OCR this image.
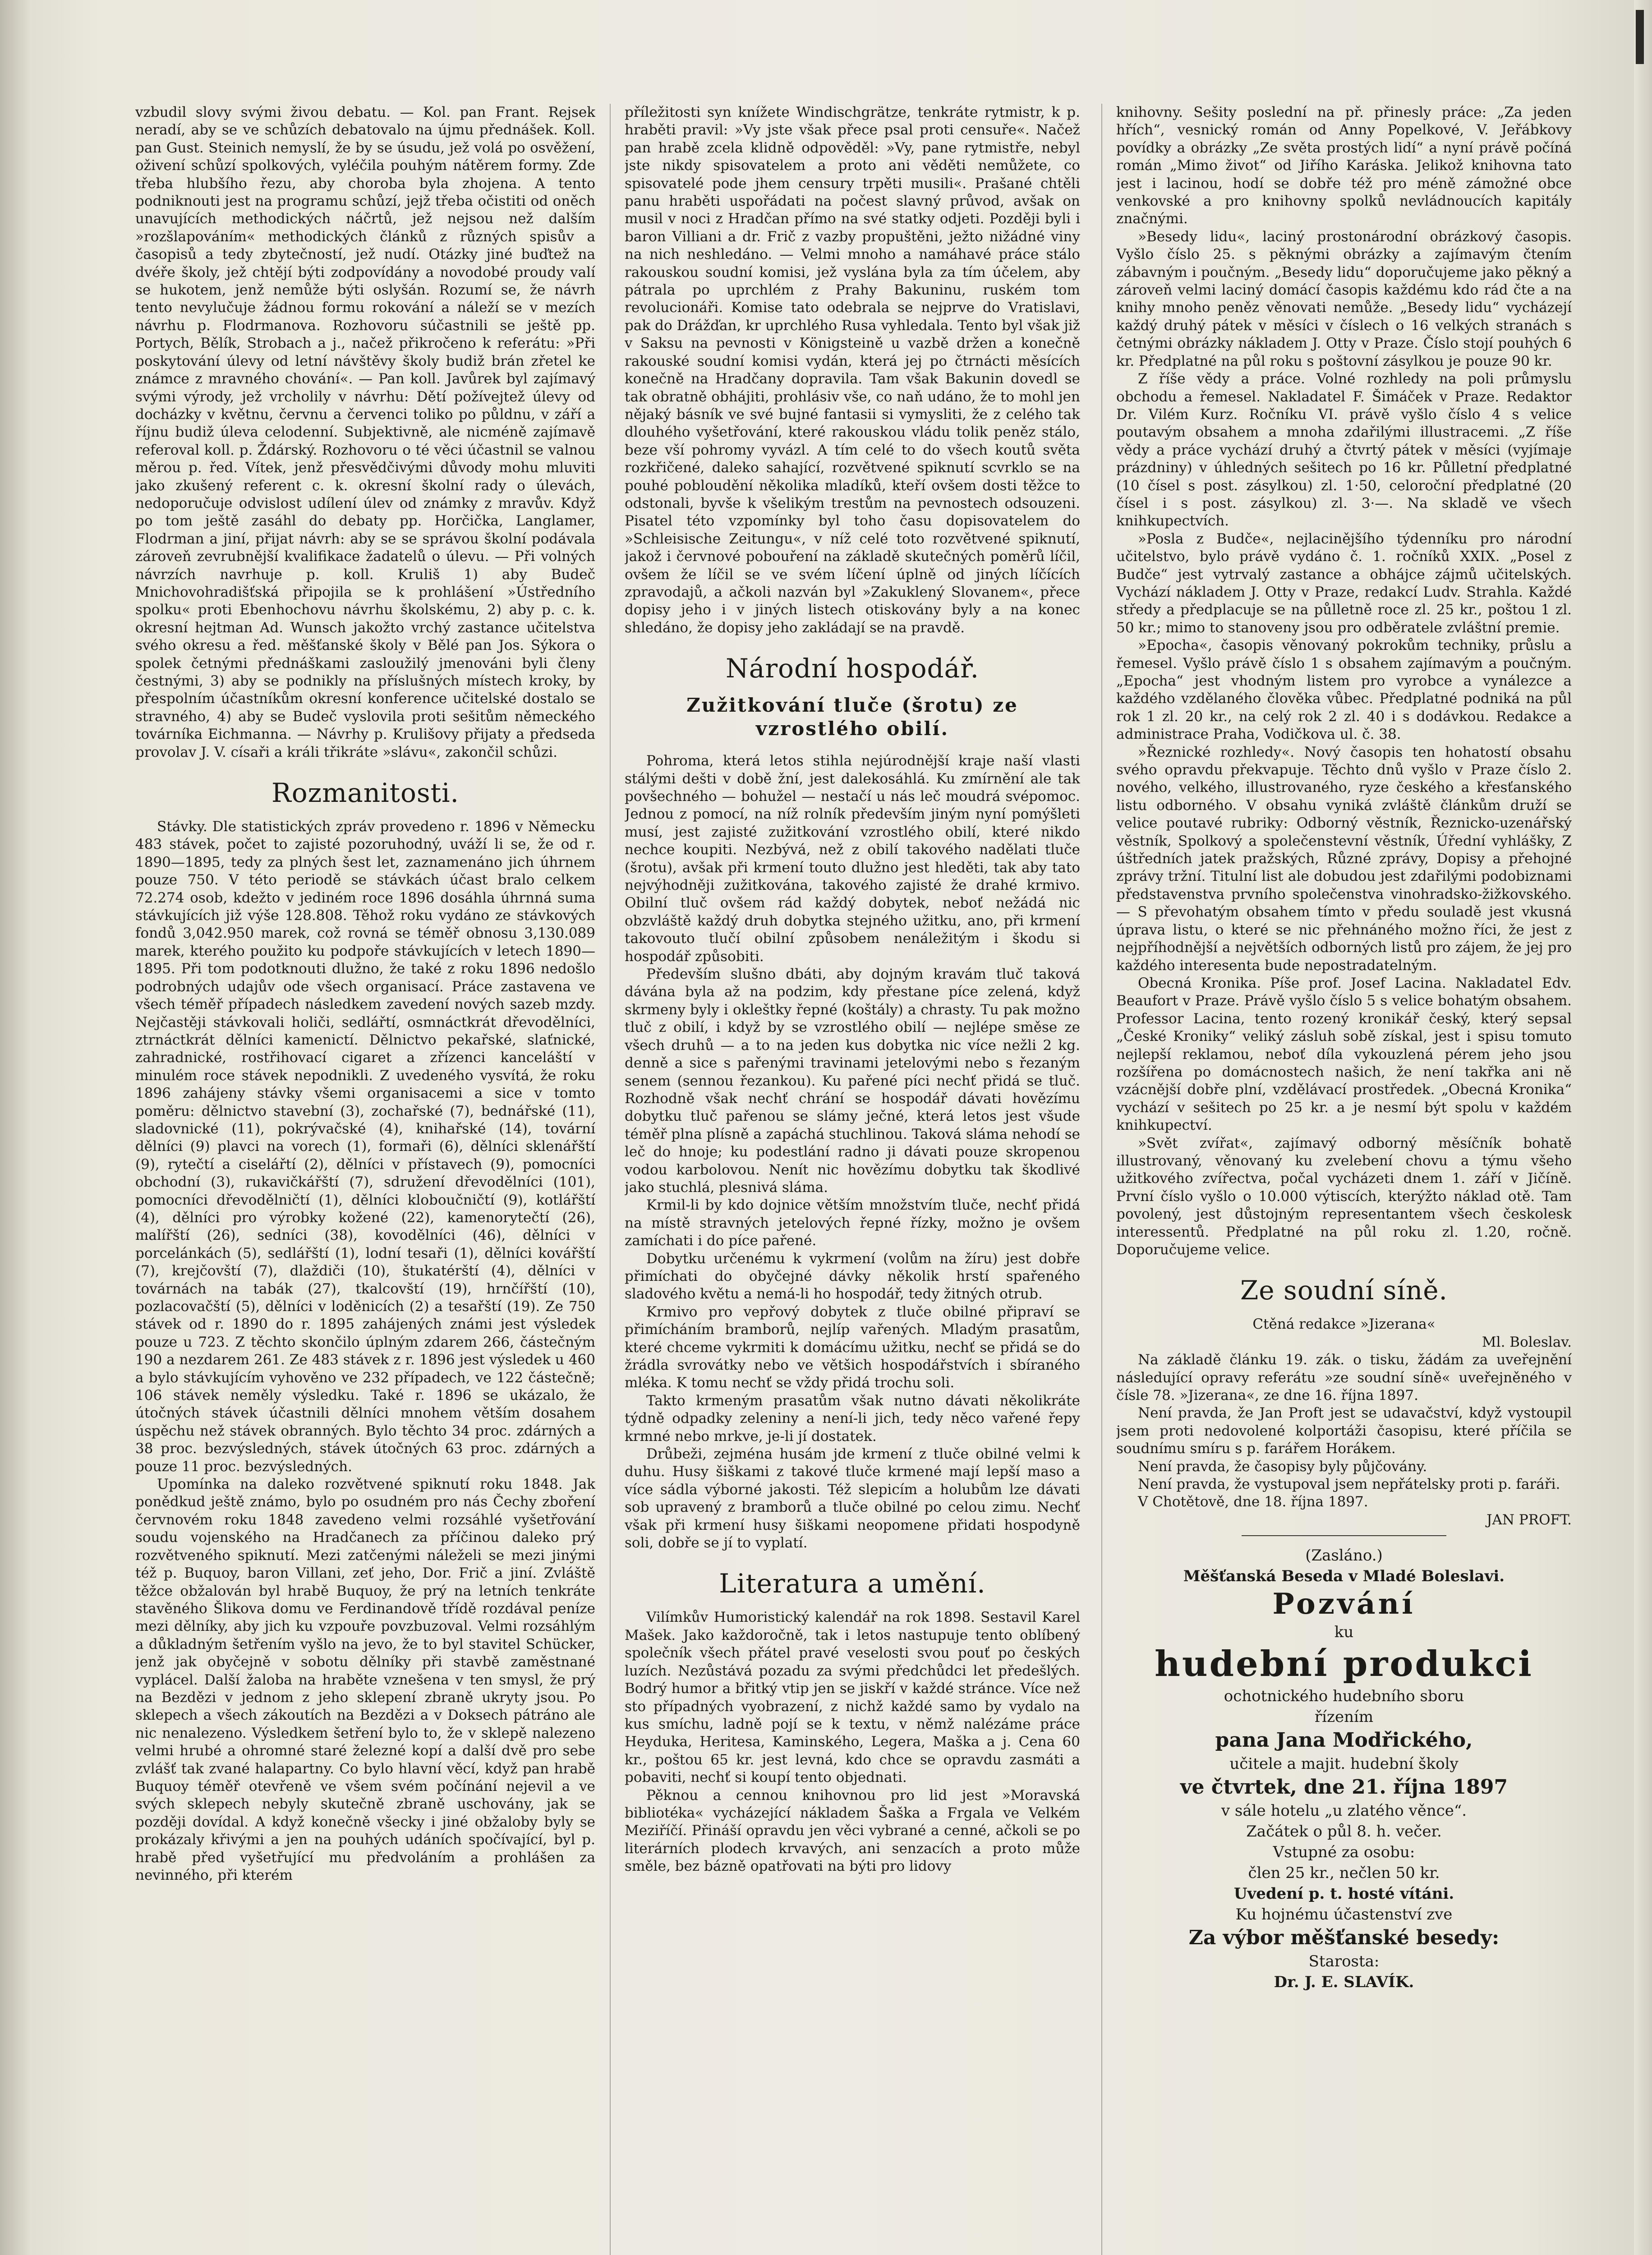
vzbudil slovy svými živou debatu. — Kol. pan Frant. Rejsek neradí, aby se ve schůzích debatovalo na újmu přednášek. Koll. pan Gust. Steinich nemyslí, že by se úsudu, jež volá po osvěžení, oživení schůzí spolkových, vyléčila pouhým nátěrem formy. Zde třeba hlubšího řezu, aby choroba byla zhojena. A tento podniknouti jest na programu schůzí, jejž třeba očistiti od oněch unavujících methodických náčrtů, jež nejsou než dalším »rozšlapováním« methodických článků z různých spisův a časopisů a tedy zbytečností, jež nudí. Otázky jiné buďtež na dvéře školy, jež chtějí býti zodpovídány a novodobé proudy valí se hukotem, jenž nemůže býti oslyšán. Rozumí se, že návrh tento nevylučuje žádnou formu rokování a náleží se v mezích návrhu p. Flodrmanova. Rozhovoru súčastnili se ještě pp. Portych, Bělík, Strobach a j., načež přikročeno k referátu: »Při poskytování úlevy od letní návštěvy školy budiž brán zřetel ke známce z mravného chování«. — Pan koll. Javůrek byl zajímavý svými výrody, jež vrcholily v návrhu: Dětí požívejtež úlevy od docházky v květnu, červnu a červenci toliko po půldnu, v září a říjnu budiž úleva celodenní. Subjektivně, ale nicméně zajímavě referoval koll. p. Ždárský. Rozhovoru o té věci účastnil se valnou měrou p. řed. Vítek, jenž přesvědčivými důvody mohu mluviti jako zkušený referent c. k. okresní školní rady o úlevách, nedoporučuje odvislost udílení úlev od známky z mravův. Když po tom ještě zasáhl do debaty pp. Horčička, Langlamer, Flodrman a jiní, přijat návrh: aby se se správou školní podávala zároveň zevrubnější kvalifikace žadatelů o úlevu. — Při volných návrzích navrhuje p. koll. Kruliš 1) aby Budeč Mnichovohradišťská připojila se k prohlášení »Ústředního spolku« proti Ebenhochovu návrhu školskému, 2) aby p. c. k. okresní hejtman Ad. Wunsch jakožto vrchý zastance učitelstva svého okresu a řed. měšťanské školy v Bělé pan Jos. Sýkora o spolek četnými přednáškami zasloužilý jmenováni byli členy čestnými, 3) aby se podnikly na příslušných místech kroky, by přespolním účastníkům okresní konference učitelské dostalo se stravného, 4) aby se Budeč vyslovila proti sešitům německého továrníka Eichmanna. — Návrhy p. Krulišovy přijaty a předseda provolav J. V. císaři a králi třikráte »slávu«, zakončil schůzi.

Rozmanitosti.

Stávky. Dle statistických zpráv provedeno r. 1896 v Německu 483 stávek, počet to zajisté pozoruhodný, uváží li se, že od r. 1890—1895, tedy za plných šest let, zaznamenáno jich úhrnem pouze 750. V této periodě se stávkách účast bralo celkem 72.274 osob, kdežto v jediném roce 1896 dosáhla úhrnná suma stávkujících již výše 128.808. Těhož roku vydáno ze stávkových fondů 3,042.950 marek, což rovná se téměř obnosu 3,130.089 marek, kterého použito ku podpoře stávkujících v letech 1890—1895. Při tom podotknouti dlužno, že také z roku 1896 nedošlo podrobných udajův ode všech organisací. Práce zastavena ve všech téměř případech následkem zavedení nových sazeb mzdy. Nejčastěji stávkovali holiči, sedlářtí, osmnáctkrát dřevodělníci, ztrnáctkrát dělníci kamenictí. Dělnictvo pekařské, slaťnické, zahradnické, rostřihovací cigaret a zřízenci kanceláští v minulém roce stávek nepodnikli. Z uvedeného vysvítá, že roku 1896 zahájeny stávky všemi organisacemi a sice v tomto poměru: dělnictvo stavební (3), zochařské (7), bednářské (11), sladovnické (11), pokrývačské (4), knihařské (14), tovární dělníci (9) plavci na vorech (1), formaři (6), dělníci sklenářští (9), rytečtí a ciselářtí (2), dělníci v přístavech (9), pomocníci obchodní (3), rukavičkářští (7), sdružení dřevodělníci (101), pomocníci dřevodělničtí (1), dělníci kloboučničtí (9), kotlářští (4), dělníci pro výrobky kožené (22), kamenorytečtí (26), malířští (26), sedníci (38), kovodělníci (46), dělníci v porcelánkách (5), sedlářští (1), lodní tesaři (1), dělníci kovářští (7), krejčovští (7), dlaždiči (10), štukatérští (4), dělníci v továrnách na tabák (27), tkalcovští (19), hrnčířští (10), pozlacovačští (5), dělníci v loděnicích (2) a tesařští (19). Ze 750 stávek od r. 1890 do r. 1895 zahájených známi jest výsledek pouze u 723. Z těchto skončilo úplným zdarem 266, částečným 190 a nezdarem 261. Ze 483 stávek z r. 1896 jest výsledek u 460 a bylo stávkujícím vyhověno ve 232 případech, ve 122 částečně; 106 stávek neměly výsledku. Také r. 1896 se ukázalo, že útočných stávek účastnili dělníci mnohem větším dosahem úspěchu než stávek obranných. Bylo těchto 34 proc. zdárných a 38 proc. bezvýsledných, stávek útočných 63 proc. zdárných a pouze 11 proc. bezvýsledných.

Upomínka na daleko rozvětvené spiknutí roku 1848. Jak ponědkud ještě známo, bylo po osudném pro nás Čechy zboření červnovém roku 1848 zavedeno velmi rozsáhlé vyšetřování soudu vojenského na Hradčanech za příčinou daleko prý rozvětveného spiknutí. Mezi zatčenými náleželi se mezi jinými též p. Buquoy, baron Villani, zeť jeho, Dor. Frič a jiní. Zvláště těžce obžalován byl hrabě Buquoy, že prý na letních tenkráte stavěného Šlikova domu ve Ferdinandově třídě rozdával peníze mezi dělníky, aby jich ku vzpouře povzbuzoval. Velmi rozsáhlým a důkladným šetřením vyšlo na jevo, že to byl stavitel Schücker, jenž jak obyčejně v sobotu dělníky při stavbě zaměstnané vyplácel. Další žaloba na hraběte vznešena v ten smysl, že prý na Bezdězi v jednom z jeho sklepení zbraně ukryty jsou. Po sklepech a všech zákoutích na Bezdězi a v Doksech pátráno ale nic nenalezeno. Výsledkem šetření bylo to, že v sklepě nalezeno velmi hrubé a ohromné staré železné kopí a další dvě pro sebe zvlášť tak zvané halapartny. Co bylo hlavní věcí, když pan hrabě Buquoy téměř otevřeně ve všem svém počínání nejevil a ve svých sklepech nebyly skutečně zbraně uschovány, jak se později dovídal. A když konečně všecky i jiné obžaloby byly se prokázaly křivými a jen na pouhých udáních spočívající, byl p. hrabě před vyšetřující mu předvoláním a prohlášen za nevinného, při kterém

příležitosti syn knížete Windischgrätze, tenkráte rytmistr, k p. hraběti pravil: »Vy jste však přece psal proti censuře«. Načež pan hrabě zcela klidně odpověděl: »Vy, pane rytmistře, nebyl jste nikdy spisovatelem a proto ani věděti nemůžete, co spisovatelé pode jhem censury trpěti musili«. Prašané chtěli panu hraběti uspořádati na počest slavný průvod, avšak on musil v noci z Hradčan přímo na své statky odjeti. Později byli i baron Villiani a dr. Frič z vazby propuštěni, ježto nižádné viny na nich neshledáno. — Velmi mnoho a namáhavé práce stálo rakouskou soudní komisi, jež vyslána byla za tím účelem, aby pátrala po uprchlém z Prahy Bakuninu, ruském tom revolucionáři. Komise tato odebrala se nejprve do Vratislavi, pak do Drážďan, kr uprchlého Rusa vyhledala. Tento byl však již v Saksu na pevnosti v Königsteině u vazbě držen a konečně rakouské soudní komisi vydán, která jej po čtrnácti měsících konečně na Hradčany dopravila. Tam však Bakunin dovedl se tak obratně obhájiti, prohlásiv vše, co naň udáno, že to mohl jen nějaký básník ve své bujné fantasii si vymysliti, že z celého tak dlouhého vyšetřování, které rakouskou vládu tolik peněz stálo, beze vší pohromy vyvázl. A tím celé to do všech koutů světa rozkřičené, daleko sahající, rozvětvené spiknutí scvrklo se na pouhé pobloudění několika mladíků, kteří ovšem dosti těžce to odstonali, byvše k všelikým trestům na pevnostech odsouzeni. Pisatel této vzpomínky byl toho času dopisovatelem do »Schleisische Zeitungu«, v níž celé toto rozvětvené spiknutí, jakož i červnové pobouření na základě skutečných poměrů líčil, ovšem že líčil se ve svém líčení úplně od jiných líčících zpravodajů, a ačkoli nazván byl »Zakuklený Slovanem«, přece dopisy jeho i v jiných listech otiskovány byly a na konec shledáno, že dopisy jeho zakládají se na pravdě.

Národní hospodář.
Zužitkování tluče (šrotu) ze vzrostlého obilí.

Pohroma, která letos stihla nejúrodnější kraje naší vlasti stálými dešti v době žní, jest dalekosáhlá. Ku zmírnění ale tak povšechného — bohužel — nestačí u nás leč moudrá svépomoc. Jednou z pomocí, na níž rolník především jiným nyní pomýšleti musí, jest zajisté zužitkování vzrostlého obilí, které nikdo nechce koupiti. Nezbývá, než z obilí takového nadělati tluče (šrotu), avšak při krmení touto dlužno jest hleděti, tak aby tato nejvýhodněji zužitkována, takového zajisté že drahé krmivo. Obilní tluč ovšem rád každý dobytek, neboť nežádá nic obzvláště každý druh dobytka stejného užitku, ano, při krmení takovouto tlučí obilní způsobem nenáležitým i škodu si hospodář způsobiti.

Především slušno dbáti, aby dojným kravám tluč taková dávána byla až na podzim, kdy přestane píce zelená, když skrmeny byly i okleštky řepné (koštály) a chrasty. Tu pak možno tluč z obilí, i když by se vzrostlého obilí — nejlépe směse ze všech druhů — a to na jeden kus dobytka nic více nežli 2 kg. denně a sice s pařenými travinami jetelovými nebo s řezaným senem (sennou řezankou). Ku pařené píci nechť přidá se tluč. Rozhodně však nechť chrání se hospodář dávati hovězímu dobytku tluč pařenou se slámy ječné, která letos jest všude téměř plna plísně a zapáchá stuchlinou. Taková sláma nehodí se leč do hnoje; ku podestlání radno ji dávati pouze skropenou vodou karbolovou. Nenít nic hovězímu dobytku tak škodlivé jako stuchlá, plesnivá sláma.

Krmil-li by kdo dojnice větším množstvím tluče, nechť přidá na místě stravných jetelových řepné řízky, možno je ovšem zamíchati i do píce pařené.

Dobytku určenému k vykrmení (volům na žíru) jest dobře přimíchati do obyčejné dávky několik hrstí spařeného sladového květu a nemá-li ho hospodář, tedy žitných otrub.

Krmivo pro vepřový dobytek z tluče obilné připraví se přimícháním bramborů, nejlíp vařených. Mladým prasatům, které chceme vykrmiti k domácímu užitku, nechť se přidá se do žrádla svrovátky nebo ve většich hospodářstvích i sbíraného mléka. K tomu nechť se vždy přidá trochu soli.

Takto krmeným prasatům však nutno dávati několikráte týdně odpadky zeleniny a není-li jich, tedy něco vařené řepy krmné nebo mrkve, je-li jí dostatek.

Drůbeži, zejména husám jde krmení z tluče obilné velmi k duhu. Husy šiškami z takové tluče krmené mají lepší maso a více sádla výborné jakosti. Též slepicím a holubům lze dávati sob upravený z bramborů a tluče obilné po celou zimu. Nechť však při krmení husy šiškami neopomene přidati hospodyně soli, dobře se jí to vyplatí.

Literatura a umění.

Vilímkův Humoristický kalendář na rok 1898. Sestavil Karel Mašek. Jako každoročně, tak i letos nastupuje tento oblíbený společník všech přátel pravé veselosti svou pouť po českých luzích. Nezůstává pozadu za svými předchůdci let předešlých. Bodrý humor a břitký vtip jen se jiskří v každé stránce. Více než sto případných vyobrazení, z nichž každé samo by vydalo na kus smíchu, ladně pojí se k textu, v němž nalézáme práce Heyduka, Heritesa, Kaminského, Legera, Maška a j. Cena 60 kr., poštou 65 kr. jest levná, kdo chce se opravdu zasmáti a pobaviti, nechť si koupí tento objednati.

Pěknou a cennou knihovnou pro lid jest »Moravská bibliotéka« vycházející nákladem Šaška a Frgala ve Velkém Meziříčí. Přináší opravdu jen věci vybrané a cenné, ačkoli se po literárních plodech krvavých, ani senzacích a proto může směle, bez bázně opatřovati na býti pro lidovy

knihovny. Sešity poslední na př. přinesly práce: „Za jeden hřích“, vesnický román od Anny Popelkové, V. Jeřábkovy povídky a obrázky „Ze světa prostých lidí“ a nyní právě počíná román „Mimo život“ od Jiřího Karáska. Jelikož knihovna tato jest i lacinou, hodí se dobře též pro méně zámožné obce venkovské a pro knihovny spolků nevládnoucích kapitály značnými.

»Besedy lidu«, laciný prostonárodní obrázkový časopis. Vyšlo číslo 25. s pěknými obrázky a zajímavým čtením zábavným i poučným. „Besedy lidu“ doporučujeme jako pěkný a zároveň velmi laciný domácí časopis každému kdo rád čte a na knihy mnoho peněz věnovati nemůže. „Besedy lidu“ vycházejí každý druhý pátek v měsíci v číslech o 16 velkých stranách s četnými obrázky nákladem J. Otty v Praze. Číslo stojí pouhých 6 kr. Předplatné na půl roku s poštovní zásylkou je pouze 90 kr.

Z říše vědy a práce. Volné rozhledy na poli průmyslu obchodu a řemesel. Nakladatel F. Šimáček v Praze. Redaktor Dr. Vilém Kurz. Ročníku VI. právě vyšlo číslo 4 s velice poutavým obsahem a mnoha zdařilými illustracemi. „Z říše vědy a práce vychází druhý a čtvrtý pátek v měsíci (vyjímaje prázdniny) v úhledných sešitech po 16 kr. Půlletní předplatné (10 čísel s post. zásylkou) zl. 1·50, celoroční předplatné (20 čísel i s post. zásylkou) zl. 3·—. Na skladě ve všech knihkupectvích.

»Posla z Budče«, nejlacinějšího týdenníku pro národní učitelstvo, bylo právě vydáno č. 1. ročníků XXIX. „Posel z Budče“ jest vytrvalý zastance a obhájce zájmů učitelských. Vychází nákladem J. Otty v Praze, redakcí Ludv. Strahla. Každé středy a předplacuje se na půlletně roce zl. 25 kr., poštou 1 zl. 50 kr.; mimo to stanoveny jsou pro odběratele zvláštní premie.

»Epocha«, časopis věnovaný pokrokům techniky, průslu a řemesel. Vyšlo právě číslo 1 s obsahem zajímavým a poučným. „Epocha“ jest vhodným listem pro vyrobce a vynálezce a každého vzdělaného člověka vůbec. Předplatné podniká na půl rok 1 zl. 20 kr., na celý rok 2 zl. 40 i s dodávkou. Redakce a administrace Praha, Vodičkova ul. č. 38.

»Řeznické rozhledy«. Nový časopis ten hohatostí obsahu svého opravdu překvapuje. Těchto dnů vyšlo v Praze číslo 2. nového, velkého, illustrovaného, ryze českého a křesťanského listu odborného. V obsahu vyniká zvláště článkům druží se velice poutavé rubriky: Odborný věstník, Řeznicko-uzenářský věstník, Spolkový a společenstevní věstník, Úřední vyhlášky, Z úštředních jatek pražských, Různé zprávy, Dopisy a přehojné zprávy tržní. Titulní list ale dobudou jest zdařilými podobiznami představenstva prvního společenstva vinohradsko-žižkovského. — S převohatým obsahem tímto v předu souladě jest vkusná úprava listu, o které se nic přehnáného možno říci, že jest z nejpříhodnější a největších odborných listů pro zájem, že jej pro každého interesenta bude nepostradatelným.

Obecná Kronika. Píše prof. Josef Lacina. Nakladatel Edv. Beaufort v Praze. Právě vyšlo číslo 5 s velice bohatým obsahem. Professor Lacina, tento rozený kronikář český, který sepsal „České Kroniky“ veliký zásluh sobě získal, jest i spisu tomuto nejlepší reklamou, neboť díla vykouzlená pérem jeho jsou rozšířena po domácnostech našich, že není takřka ani ně vzácnější dobře plní, vzdělávací prostředek. „Obecná Kronika“ vychází v sešitech po 25 kr. a je nesmí být spolu v každém knihkupectví.

»Svět zvířat«, zajímavý odborný měsíčník bohatě illustrovaný, věnovaný ku zvelebení chovu a týmu všeho užitkového zvířectva, počal vycházeti dnem 1. září v Jičíně. První číslo vyšlo o 10.000 výtiscích, kterýžto náklad otě. Tam povolený, jest důstojným representantem všech českolesk interessentů. Předplatné na půl roku zl. 1.20, ročně. Doporučujeme velice.

Ze soudní síně.

Ctěná redakce »Jizerana«

Ml. Boleslav.

Na základě článku 19. zák. o tisku, žádám za uveřejnění následující opravy referátu »ze soudní síně« uveřejněného v čísle 78. »Jizerana«, ze dne 16. října 1897.

Není pravda, že Jan Proft jest se udavačství, když vystoupil jsem proti nedovolené kolportáži časopisu, které příčila se soudnímu smíru s p. farářem Horákem.

Není pravda, že časopisy byly půjčovány.

Není pravda, že vystupoval jsem nepřátelsky proti p. faráři.

V Chotětově, dne 18. října 1897.

JAN PROFT.

(Zasláno.)
Měšťanská Beseda v Mladé Boleslavi.
Pozvání
ku
hudební produkci
ochotnického hudebního sboru
řízením
pana Jana Modřického,
učitele a majit. hudební školy
ve čtvrtek, dne 21. října 1897
v sále hotelu „u zlatého věnce“.
Začátek o půl 8. h. večer.
Vstupné za osobu:
člen 25 kr., nečlen 50 kr.
Uvedení p. t. hosté vítáni.
Ku hojnému účastenství zve
Za výbor měšťanské besedy:
Starosta:
Dr. J. E. SLAVÍK.
